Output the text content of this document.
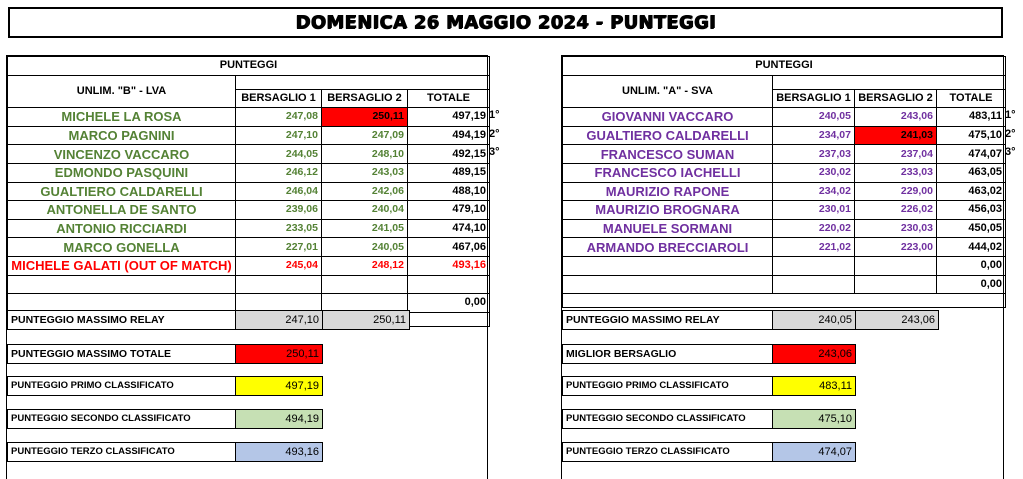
DOMENICA 26 MAGGIO 2024 - PUNTEGGI
PUNTEGGI			
UNLIM. "B" - LVA			
	BERSAGLIO 1	BERSAGLIO 2	TOTALE
MICHELE LA ROSA	247,08	250,11	497,19
MARCO PAGNINI	247,10	247,09	494,19
VINCENZO VACCARO	244,05	248,10	492,15
EDMONDO PASQUINI	246,12	243,03	489,15
GUALTIERO CALDARELLI	246,04	242,06	488,10
ANTONELLA DE SANTO	239,06	240,04	479,10
ANTONIO RICCIARDI	233,05	241,05	474,10
MARCO GONELLA	227,01	240,05	467,06
MICHELE GALATI (OUT OF MATCH)	245,04	248,12	493,16

			0,00

PUNTEGGIO MASSIMO RELAY	247,10	250,11
PUNTEGGIO MASSIMO TOTALE	250,11
PUNTEGGIO PRIMO CLASSIFICATO	497,19
PUNTEGGIO SECONDO CLASSIFICATO	494,19
PUNTEGGIO TERZO CLASSIFICATO	493,16
1°
2°
3°
PUNTEGGI			
UNLIM. "A" - SVA			
	BERSAGLIO 1	BERSAGLIO 2	TOTALE
GIOVANNI VACCARO	240,05	243,06	483,11
GUALTIERO CALDARELLI	234,07	241,03	475,10
FRANCESCO SUMAN	237,03	237,04	474,07
FRANCESCO IACHELLI	230,02	233,03	463,05
MAURIZIO RAPONE	234,02	229,00	463,02
MAURIZIO BROGNARA	230,01	226,02	456,03
MANUELE SORMANI	220,02	230,03	450,05
ARMANDO BRECCIAROLI	221,02	223,00	444,02
			0,00
			0,00

PUNTEGGIO MASSIMO RELAY	240,05	243,06
MIGLIOR BERSAGLIO	243,06
PUNTEGGIO PRIMO CLASSIFICATO	483,11
PUNTEGGIO SECONDO CLASSIFICATO	475,10
PUNTEGGIO TERZO CLASSIFICATO	474,07
1°
2°
3°
